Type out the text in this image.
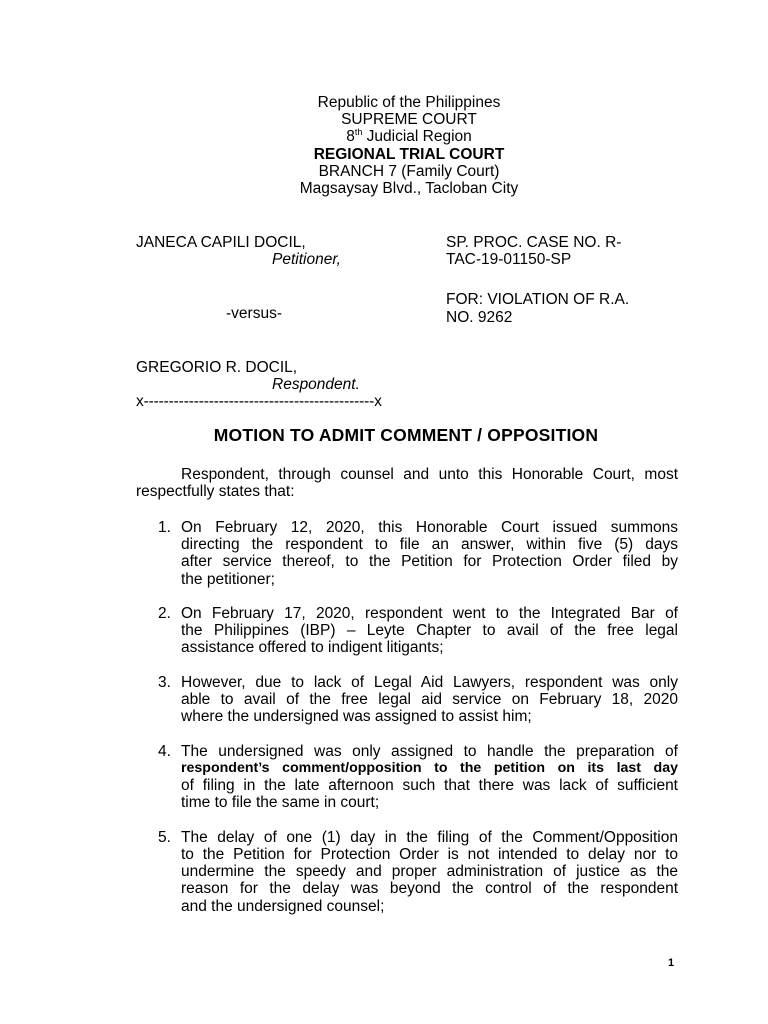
Republic of the Philippines
SUPREME COURT
8th Judicial Region
REGIONAL TRIAL COURT
BRANCH 7 (Family Court)
Magsaysay Blvd., Tacloban City
JANECA CAPILI DOCIL,
Petitioner,
-versus-
GREGORIO R. DOCIL,
Respondent.
x----------------------------------------------x
SP. PROC. CASE NO. R-
TAC-19-01150-SP
FOR: VIOLATION OF R.A.
NO. 9262
MOTION TO ADMIT COMMENT / OPPOSITION
Respondent, through counsel and unto this Honorable Court, most respectfully states that:
1. On February 12, 2020, this Honorable Court issued summons
directing the respondent to file an answer, within five (5) days
after service thereof, to the Petition for Protection Order filed by
the petitioner;
2. On February 17, 2020, respondent went to the Integrated Bar of
the Philippines (IBP) – Leyte Chapter to avail of the free legal
assistance offered to indigent litigants;
3. However, due to lack of Legal Aid Lawyers, respondent was only
able to avail of the free legal aid service on February 18, 2020
where the undersigned was assigned to assist him;
4. The undersigned was only assigned to handle the preparation of
respondent’s comment/opposition to the petition on its last day
of filing in the late afternoon such that there was lack of sufficient
time to file the same in court;
5. The delay of one (1) day in the filing of the Comment/Opposition
to the Petition for Protection Order is not intended to delay nor to
undermine the speedy and proper administration of justice as the
reason for the delay was beyond the control of the respondent
and the undersigned counsel;
1
